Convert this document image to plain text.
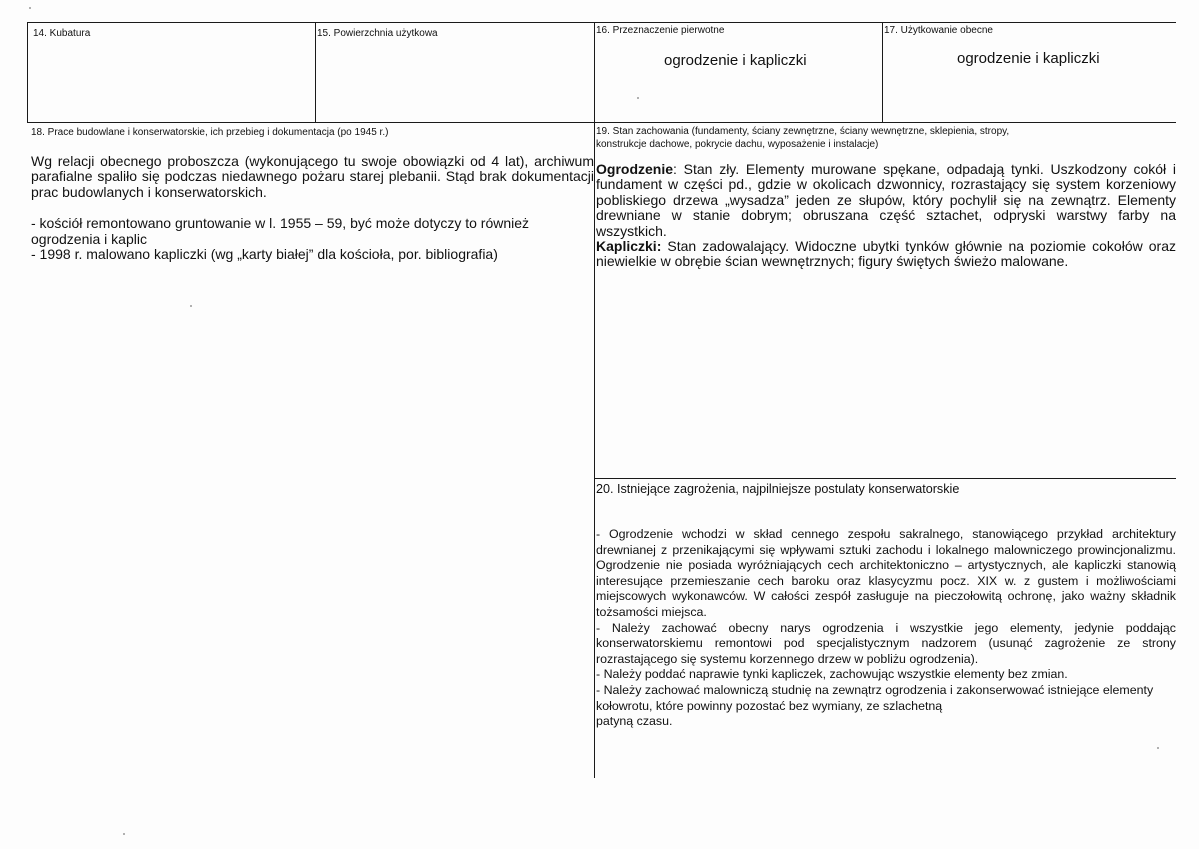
14. Kubatura	15. Powierzchnia użytkowa	16. Przeznaczenie pierwotne
ogrodzenie i kapliczki
17. Użytkowanie obecne
ogrodzenie i kapliczki
18. Prace budowlane i konserwatorskie, ich przebieg i dokumentacja (po 1945 r.)

Wg relacji obecnego proboszcza (wykonującego tu swoje obowiązki od 4 lat), archiwum parafialne spaliło się podczas niedawnego pożaru starej plebanii. Stąd brak dokumentacji prac budowlanych i konserwatorskich.

- kościół remontowano gruntowanie w l. 1955 – 59, być może dotyczy to również ogrodzenia i kaplic

- 1998 r. malowano kapliczki (wg „karty białej” dla kościoła, por. bibliografia)

19. Stan zachowania (fundamenty, ściany zewnętrzne, ściany wewnętrzne, sklepienia, stropy,
konstrukcje dachowe, pokrycie dachu, wyposażenie i instalacje)

Ogrodzenie: Stan zły. Elementy murowane spękane, odpadają tynki. Uszkodzony cokół i fundament w części pd., gdzie w okolicach dzwonnicy, rozrastający się system korzeniowy pobliskiego drzewa „wysadza” jeden ze słupów, który pochylił się na zewnątrz. Elementy drewniane w stanie dobrym; obruszana część sztachet, odpryski warstwy farby na wszystkich.

Kapliczki: Stan zadowalający. Widoczne ubytki tynków głównie na poziomie cokołów oraz niewielkie w obrębie ścian wewnętrznych; figury świętych świeżo malowane.

20. Istniejące zagrożenia, najpilniejsze postulaty konserwatorskie

- Ogrodzenie wchodzi w skład cennego zespołu sakralnego, stanowiącego przykład architektury drewnianej z przenikającymi się wpływami sztuki zachodu i lokalnego malowniczego prowincjonalizmu. Ogrodzenie nie posiada wyróżniających cech architektoniczno – artystycznych, ale kapliczki stanowią interesujące przemieszanie cech baroku oraz klasycyzmu pocz. XIX w. z gustem i możliwościami miejscowych wykonawców. W całości zespół zasługuje na pieczołowitą ochronę, jako ważny składnik tożsamości miejsca.

- Należy zachować obecny narys ogrodzenia i wszystkie jego elementy, jedynie poddając konserwatorskiemu remontowi pod specjalistycznym nadzorem (usunąć zagrożenie ze strony rozrastającego się systemu korzennego drzew w pobliżu ogrodzenia).

- Należy poddać naprawie tynki kapliczek, zachowując wszystkie elementy bez zmian.

- Należy zachować malowniczą studnię na zewnątrz ogrodzenia i zakonserwować istniejące elementy kołowrotu, które powinny pozostać bez wymiany, ze szlachetną

patyną czasu.
